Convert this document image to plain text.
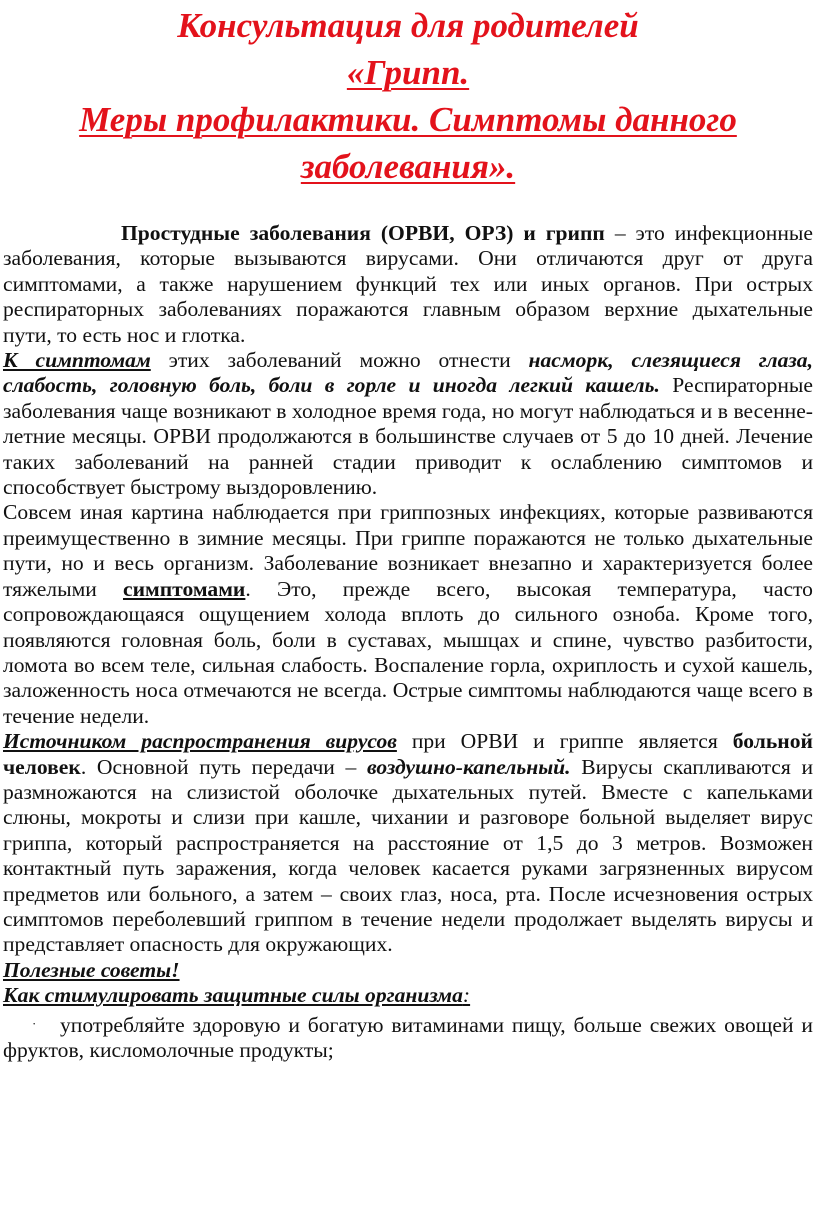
Консультация для родителей
«Грипп.
Меры профилактики. Симптомы данного
заболевания».

Простудные заболевания (ОРВИ, ОРЗ) и грипп – это инфекционные заболевания, которые вызываются вирусами. Они отличаются друг от друга симптомами, а также нарушением функций тех или иных органов. При острых респираторных заболеваниях поражаются главным образом верхние дыхательные пути, то есть нос и глотка.

К симптомам этих заболеваний можно отнести насморк, слезящиеся глаза, слабость, головную боль, боли в горле и иногда легкий кашель. Респираторные заболевания чаще возникают в холодное время года, но могут наблюдаться и в весенне-летние месяцы. ОРВИ продолжаются в большинстве случаев от 5 до 10 дней. Лечение таких заболеваний на ранней стадии приводит к ослаблению симптомов и способствует быстрому выздоровлению.

Совсем иная картина наблюдается при гриппозных инфекциях, которые развиваются преимущественно в зимние месяцы. При гриппе поражаются не только дыхательные пути, но и весь организм. Заболевание возникает внезапно и характеризуется более тяжелыми симптомами. Это, прежде всего, высокая температура, часто сопровождающаяся ощущением холода вплоть до сильного озноба. Кроме того, появляются головная боль, боли в суставах, мышцах и спине, чувство разбитости, ломота во всем теле, сильная слабость. Воспаление горла, охриплость и сухой кашель, заложенность носа отмечаются не всегда. Острые симптомы наблюдаются чаще всего в течение недели.

Источником распространения вирусов при ОРВИ и гриппе является больной человек. Основной путь передачи – воздушно-капельный. Вирусы скапливаются и размножаются на слизистой оболочке дыхательных путей. Вместе с капельками слюны, мокроты и слизи при кашле, чихании и разговоре больной выделяет вирус гриппа, который распространяется на расстояние от 1,5 до 3 метров. Возможен контактный путь заражения, когда человек касается руками загрязненных вирусом предметов или больного, а затем – своих глаз, носа, рта. После исчезновения острых симптомов переболевший гриппом в течение недели продолжает выделять вирусы и представляет опасность для окружающих.

Полезные советы!

Как стимулировать защитные силы организма:

· употребляйте здоровую и богатую витаминами пищу, больше свежих овощей и фруктов, кисломолочные продукты;
